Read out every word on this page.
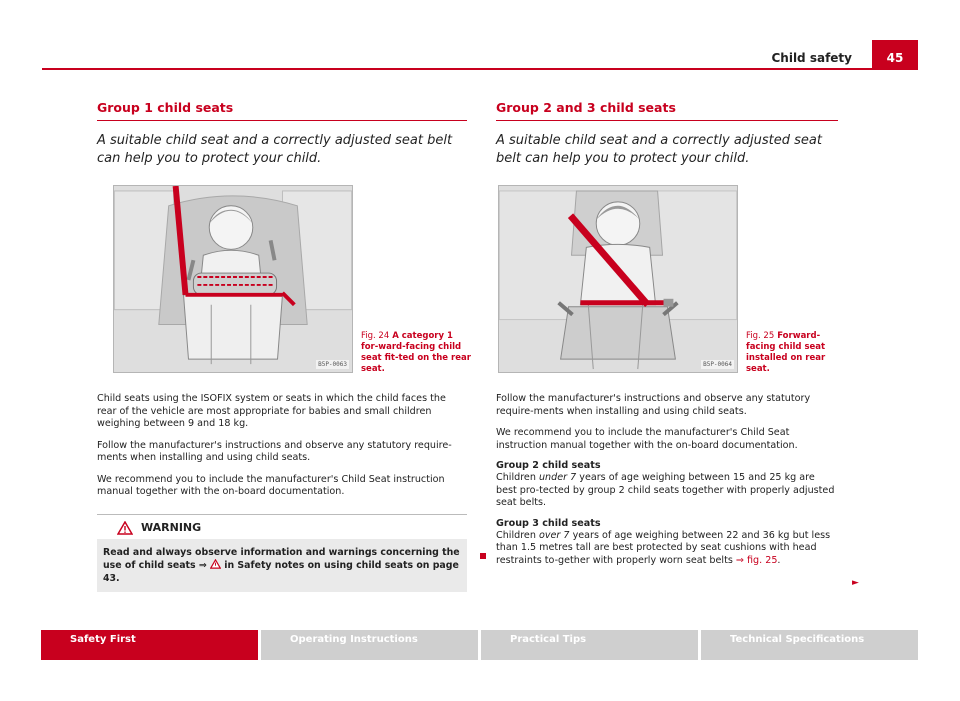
Child safety	45
Group 1 child seats

A suitable child seat and a correctly adjusted seat belt can help you to protect your child.

B5P-0063
Fig. 24 A category 1 for-ward-facing child seat fit-ted on the rear seat.

Child seats using the ISOFIX system or seats in which the child faces the rear of the vehicle are most appropriate for babies and small children weighing between 9 and 18 kg.

Follow the manufacturer's instructions and observe any statutory require-ments when installing and using child seats.

We recommend you to include the manufacturer's Child Seat instruction manual together with the on-board documentation.

WARNING
Read and always observe information and warnings concerning the use of child seats ⇒  in Safety notes on using child seats on page 43.
Group 2 and 3 child seats

A suitable child seat and a correctly adjusted seat belt can help you to protect your child.

B5P-0064
Fig. 25 Forward-facing child seat installed on rear seat.

Follow the manufacturer's instructions and observe any statutory require-ments when installing and using child seats.

We recommend you to include the manufacturer's Child Seat instruction manual together with the on-board documentation.

Group 2 child seats

Children under 7 years of age weighing between 15 and 25 kg are best pro-tected by group 2 child seats together with properly adjusted seat belts.

Group 3 child seats

Children over 7 years of age weighing between 22 and 36 kg but less than 1.5 metres tall are best protected by seat cushions with head restraints to-gether with properly worn seat belts ⇒ fig. 25.

►
Safety First	Operating Instructions	Practical Tips	Technical Specifications
